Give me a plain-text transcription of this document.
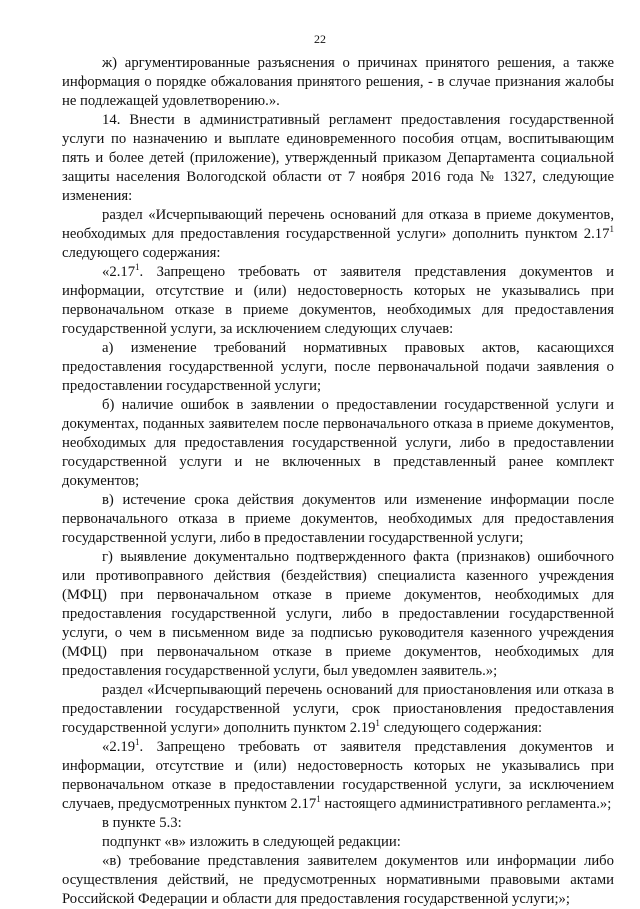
22

ж) аргументированные разъяснения о причинах принятого решения, а также информация о порядке обжалования принятого решения, - в случае признания жалобы не подлежащей удовлетворению.».

14. Внести в административный регламент предоставления государственной услуги по назначению и выплате единовременного пособия отцам, воспитывающим пять и более детей (приложение), утвержденный приказом Департамента социальной защиты населения Вологодской области от 7 ноября 2016 года № 1327, следующие изменения:

раздел «Исчерпывающий перечень оснований для отказа в приеме документов, необходимых для предоставления государственной услуги» дополнить пунктом 2.17$^1$ следующего содержания:

«2.17$^1$. Запрещено требовать от заявителя представления документов и информации, отсутствие и (или) недостоверность которых не указывались при первоначальном отказе в приеме документов, необходимых для предоставления государственной услуги, за исключением следующих случаев:

а) изменение требований нормативных правовых актов, касающихся предоставления государственной услуги, после первоначальной подачи заявления о предоставлении государственной услуги;

б) наличие ошибок в заявлении о предоставлении государственной услуги и документах, поданных заявителем после первоначального отказа в приеме документов, необходимых для предоставления государственной услуги, либо в предоставлении государственной услуги и не включенных в представленный ранее комплект документов;

в) истечение срока действия документов или изменение информации после первоначального отказа в приеме документов, необходимых для предоставления государственной услуги, либо в предоставлении государственной услуги;

г) выявление документально подтвержденного факта (признаков) ошибочного или противоправного действия (бездействия) специалиста казенного учреждения (МФЦ) при первоначальном отказе в приеме документов, необходимых для предоставления государственной услуги, либо в предоставлении государственной услуги, о чем в письменном виде за подписью руководителя казенного учреждения (МФЦ) при первоначальном отказе в приеме документов, необходимых для предоставления государственной услуги, был уведомлен заявитель.»;

раздел «Исчерпывающий перечень оснований для приостановления или отказа в предоставлении государственной услуги, срок приостановления предоставления государственной услуги» дополнить пунктом 2.19$^1$ следующего содержания:

«2.19$^1$. Запрещено требовать от заявителя представления документов и информации, отсутствие и (или) недостоверность которых не указывались при первоначальном отказе в предоставлении государственной услуги, за исключением случаев, предусмотренных пунктом 2.17$^1$ настоящего административного регламента.»;

в пункте 5.3:

подпункт «в» изложить в следующей редакции:

«в) требование представления заявителем документов или информации либо осуществления действий, не предусмотренных нормативными правовыми актами Российской Федерации и области для предоставления государственной услуги;»;
